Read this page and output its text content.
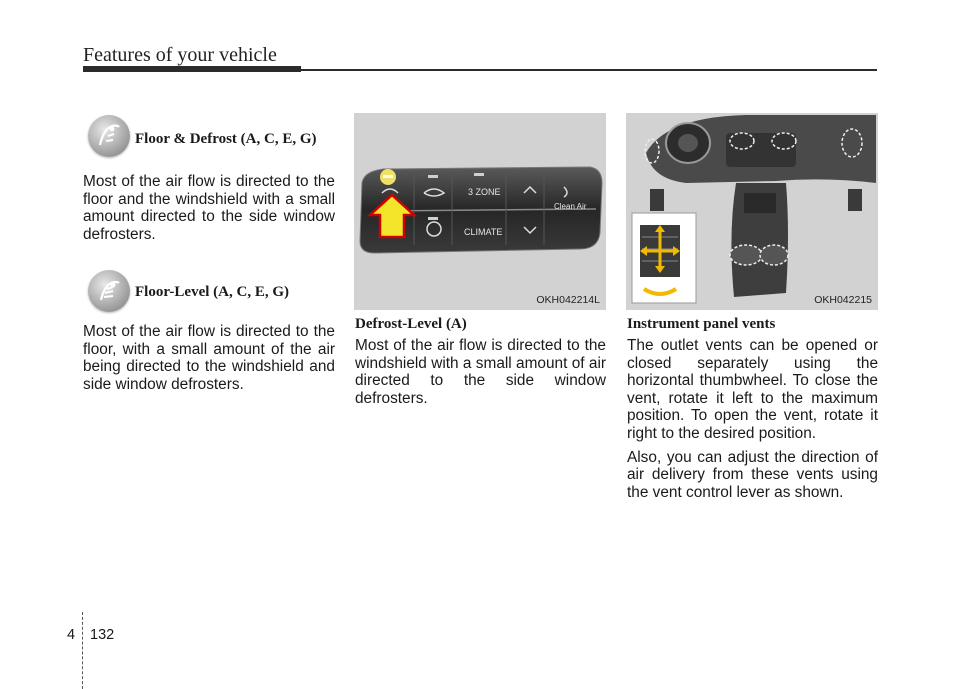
Features of your vehicle
Floor & Defrost (A, C, E, G)

Most of the air flow is directed to the floor and the windshield with a small amount directed to the side window defrosters.

Floor-Level (A, C, E, G)

Most of the air flow is directed to the floor, with a small amount of the air being directed to the windshield and side window defrosters.

3 ZONE
CLIMATE
Clean Air
OKH042214L

Defrost-Level (A)

Most of the air flow is directed to the windshield with a small amount of air directed to the side window defrosters.

OKH042215

Instrument panel vents

The outlet vents can be opened or closed separately using the horizontal thumbwheel. To close the vent, rotate it left to the maximum position. To open the vent, rotate it right to the desired position.

Also, you can adjust the direction of air delivery from these vents using the vent control lever as shown.

4 132
